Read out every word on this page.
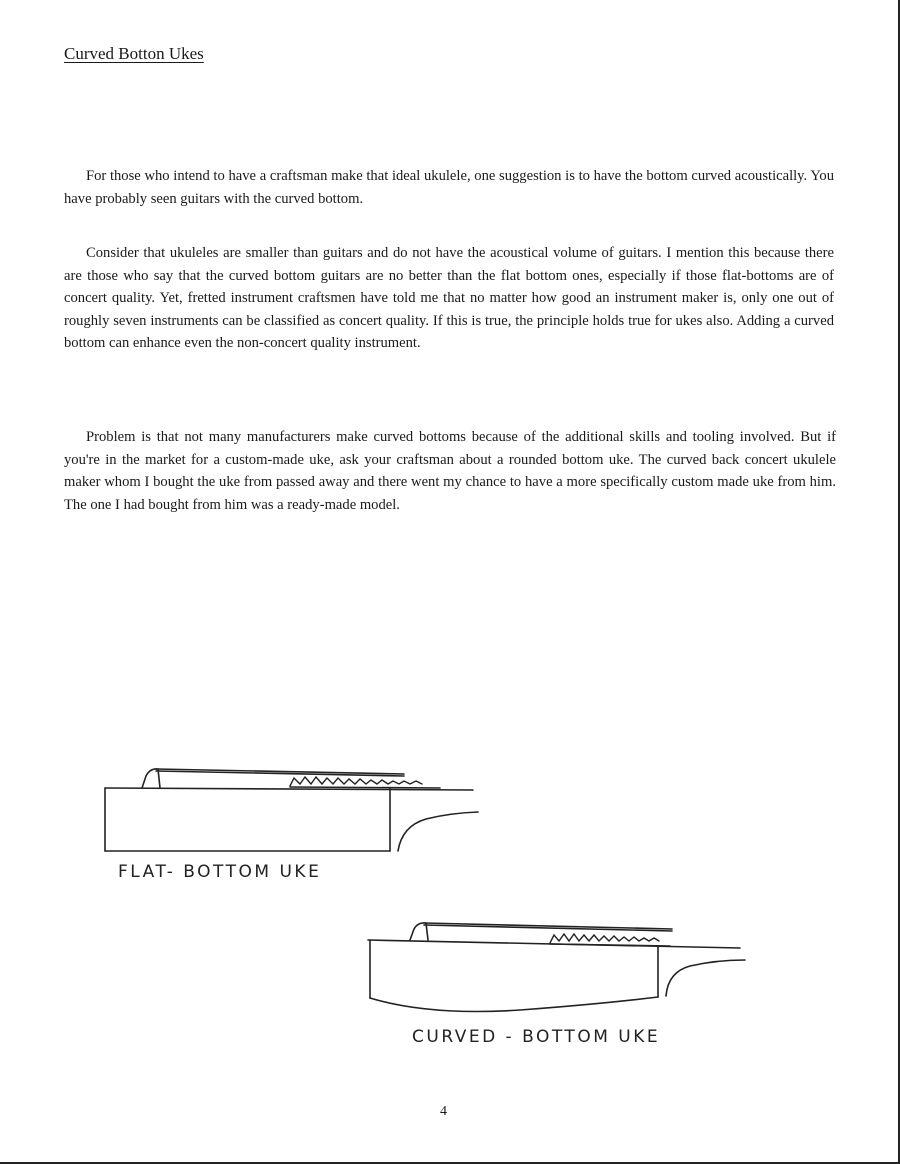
Curved Botton Ukes

For those who intend to have a craftsman make that ideal ukulele, one suggestion is to have the bottom curved acoustically. You have probably seen guitars with the curved bottom.

Consider that ukuleles are smaller than guitars and do not have the acoustical volume of guitars. I mention this because there are those who say that the curved bottom guitars are no better than the flat bottom ones, especially if those flat-bottoms are of concert quality. Yet, fretted instrument craftsmen have told me that no matter how good an instrument maker is, only one out of roughly seven instruments can be classified as concert quality. If this is true, the principle holds true for ukes also. Adding a curved bottom can enhance even the non-concert quality instrument.

Problem is that not many manufacturers make curved bottoms because of the additional skills and tooling involved. But if you're in the market for a custom-made uke, ask your craftsman about a rounded bottom uke. The curved back concert ukulele maker whom I bought the uke from passed away and there went my chance to have a more specifically custom made uke from him. The one I had bought from him was a ready-made model.

FLAT- BOTTOM UKE
CURVED - BOTTOM UKE
4
